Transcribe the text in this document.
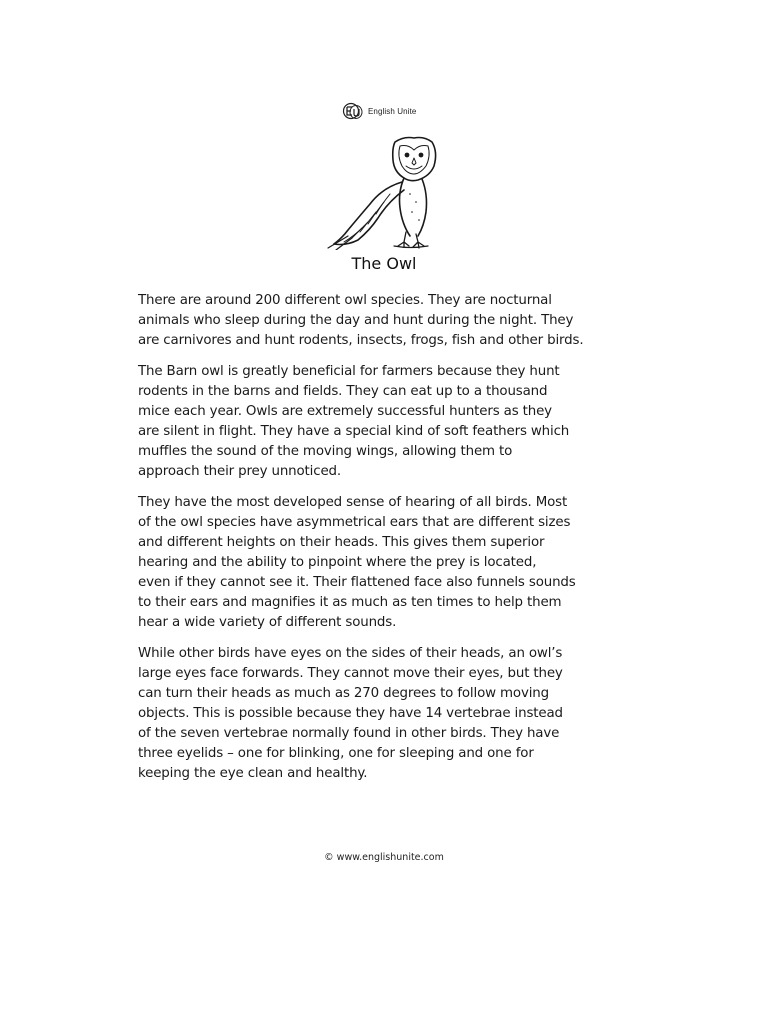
English Unite
The Owl

There are around 200 different owl species. They are nocturnal
animals who sleep during the day and hunt during the night. They
are carnivores and hunt rodents, insects, frogs, fish and other birds.

The Barn owl is greatly beneficial for farmers because they hunt
rodents in the barns and fields. They can eat up to a thousand
mice each year. Owls are extremely successful hunters as they
are silent in flight. They have a special kind of soft feathers which
muffles the sound of the moving wings, allowing them to
approach their prey unnoticed.

They have the most developed sense of hearing of all birds. Most
of the owl species have asymmetrical ears that are different sizes
and different heights on their heads. This gives them superior
hearing and the ability to pinpoint where the prey is located,
even if they cannot see it. Their flattened face also funnels sounds
to their ears and magnifies it as much as ten times to help them
hear a wide variety of different sounds.

While other birds have eyes on the sides of their heads, an owl’s
large eyes face forwards. They cannot move their eyes, but they
can turn their heads as much as 270 degrees to follow moving
objects. This is possible because they have 14 vertebrae instead
of the seven vertebrae normally found in other birds. They have
three eyelids – one for blinking, one for sleeping and one for
keeping the eye clean and healthy.

© www.englishunite.com
